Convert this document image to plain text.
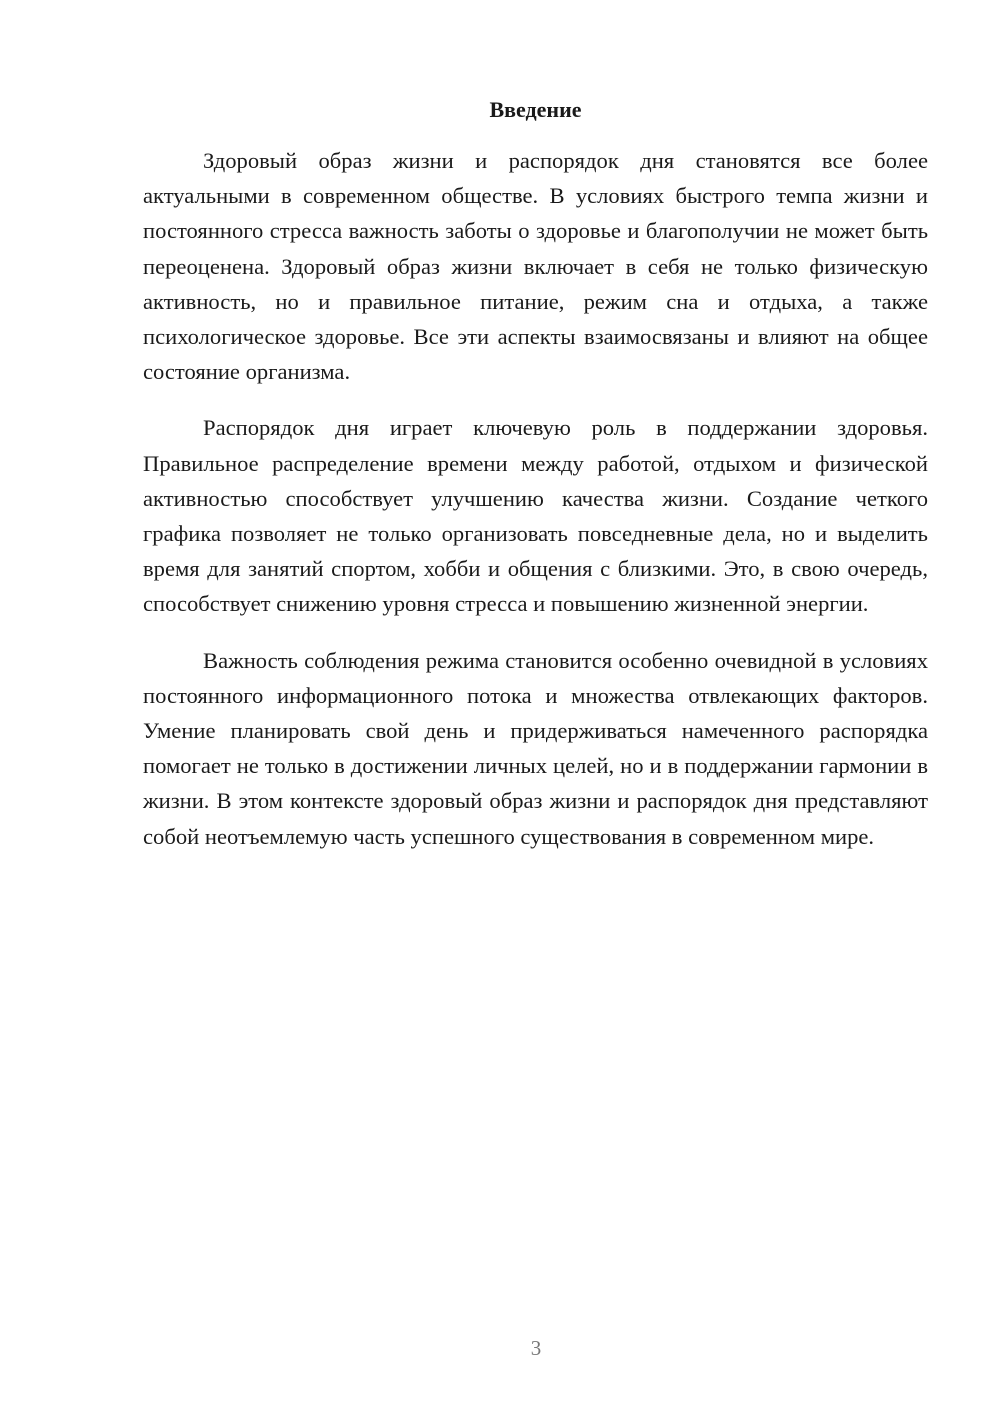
Введение

Здоровый образ жизни и распорядок дня становятся все более актуальными в современном обществе. В условиях быстрого темпа жизни и постоянного стресса важность заботы о здоровье и благополучии не может быть переоценена. Здоровый образ жизни включает в себя не только физическую активность, но и правильное питание, режим сна и отдыха, а также психологическое здоровье. Все эти аспекты взаимосвязаны и влияют на общее состояние организма.

Распорядок дня играет ключевую роль в поддержании здоровья. Правильное распределение времени между работой, отдыхом и физической активностью способствует улучшению качества жизни. Создание четкого графика позволяет не только организовать повседневные дела, но и выделить время для занятий спортом, хобби и общения с близкими. Это, в свою очередь, способствует снижению уровня стресса и повышению жизненной энергии.

Важность соблюдения режима становится особенно очевидной в условиях постоянного информационного потока и множества отвлекающих факторов. Умение планировать свой день и придерживаться намеченного распорядка помогает не только в достижении личных целей, но и в поддержании гармонии в жизни. В этом контексте здоровый образ жизни и распорядок дня представляют собой неотъемлемую часть успешного существования в современном мире.

3
